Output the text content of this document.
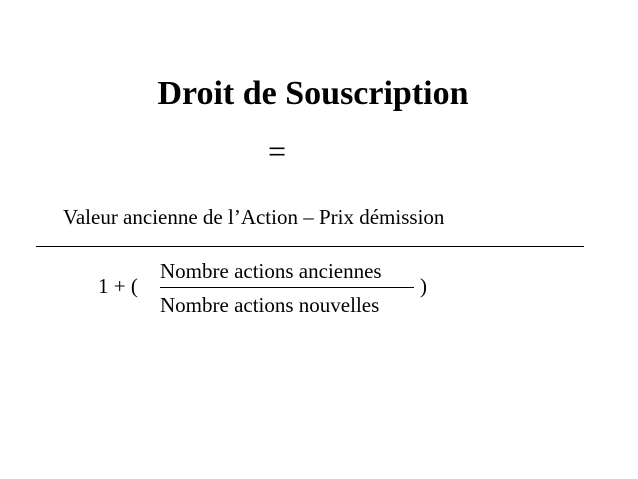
Droit de Souscription
=
Valeur ancienne de l’Action – Prix démission
1 + (
Nombre actions anciennes
Nombre actions nouvelles
)
